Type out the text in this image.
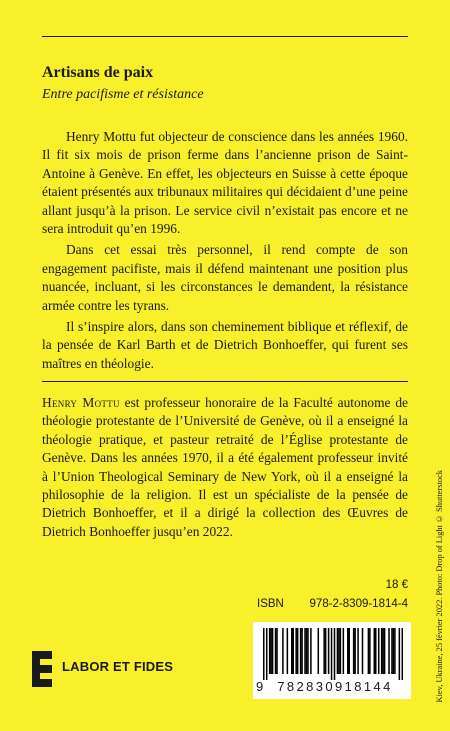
Artisans de paix
Entre pacifisme et résistance

Henry Mottu fut objecteur de conscience dans les années 1960. Il fit six mois de prison ferme dans l’ancienne prison de Saint-Antoine à Genève. En effet, les objecteurs en Suisse à cette époque étaient présentés aux tribunaux militaires qui décidaient d’une peine allant jusqu’à la prison. Le service civil n’existait pas encore et ne sera introduit qu’en 1996.

Dans cet essai très personnel, il rend compte de son engagement pacifiste, mais il défend maintenant une position plus nuancée, incluant, si les circonstances le demandent, la résistance armée contre les tyrans.

Il s’inspire alors, dans son cheminement biblique et réflexif, de la pensée de Karl Barth et de Dietrich Bonhoeffer, qui furent ses maîtres en théologie.

Henry Mottu est professeur honoraire de la Faculté autonome de théologie protestante de l’Université de Genève, où il a enseigné la théologie pratique, et pasteur retraité de l’Église protestante de Genève. Dans les années 1970, il a été également professeur invité à l’Union Theological Seminary de New York, où il a enseigné la philosophie de la religion. Il est un spécialiste de la pensée de Dietrich Bonhoeffer, et il a dirigé la collection des Œuvres de Dietrich Bonhoeffer jusqu’en 2022.	Kiev, Ukraine, 25 février 2022. Photo: Drop of Light © Shutterstock
18 €
ISBN 978-2-8309-1814-4
9	782830918144
LABOR ET FIDES
